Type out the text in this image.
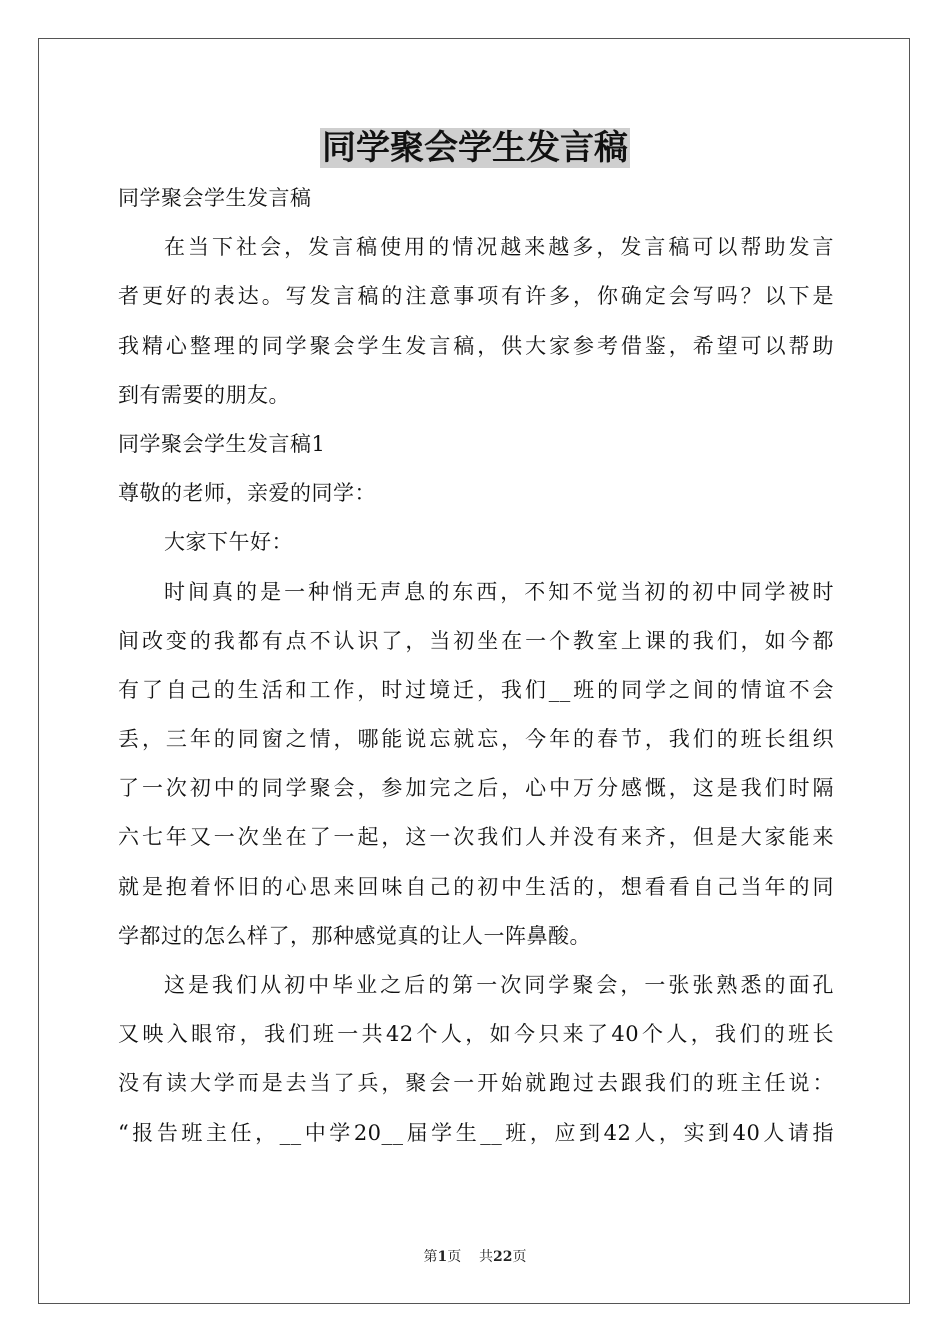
同学聚会学生发言稿
同学聚会学生发言稿
在当下社会，发言稿使用的情况越来越多，发言稿可以帮助发言
者更好的表达。写发言稿的注意事项有许多，你确定会写吗？以下是
我精心整理的同学聚会学生发言稿，供大家参考借鉴，希望可以帮助
到有需要的朋友。
同学聚会学生发言稿1
尊敬的老师，亲爱的同学：
大家下午好：
时间真的是一种悄无声息的东西，不知不觉当初的初中同学被时
间改变的我都有点不认识了，当初坐在一个教室上课的我们，如今都
有了自己的生活和工作，时过境迁，我们__班的同学之间的情谊不会
丢，三年的同窗之情，哪能说忘就忘，今年的春节，我们的班长组织
了一次初中的同学聚会，参加完之后，心中万分感慨，这是我们时隔
六七年又一次坐在了一起，这一次我们人并没有来齐，但是大家能来
就是抱着怀旧的心思来回味自己的初中生活的，想看看自己当年的同
学都过的怎么样了，那种感觉真的让人一阵鼻酸。
这是我们从初中毕业之后的第一次同学聚会，一张张熟悉的面孔
又映入眼帘，我们班一共42个人，如今只来了40个人，我们的班长
没有读大学而是去当了兵，聚会一开始就跑过去跟我们的班主任说：
“报告班主任，__中学20__届学生__班，应到42人，实到40人请指
第1页    共22页
